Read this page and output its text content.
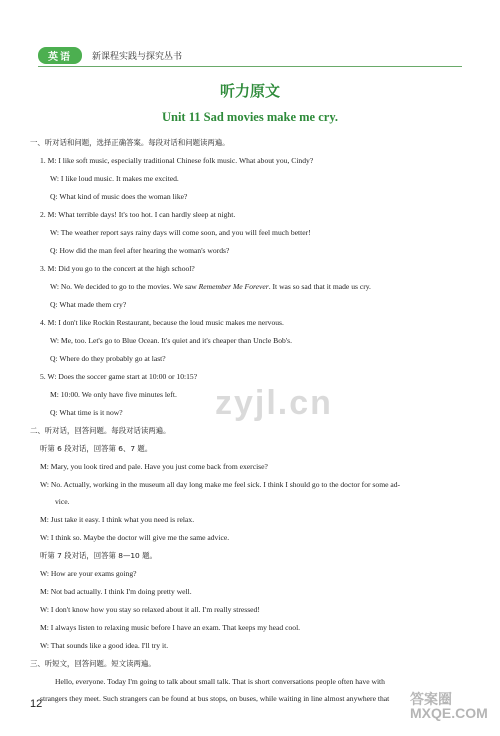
英语	新课程实践与探究丛书
听力原文
Unit 11 Sad movies make me cry.
一、听对话和问题，选择正确答案。每段对话和问题读两遍。
1. M: I like soft music, especially traditional Chinese folk music. What about you, Cindy?
W: I like loud music. It makes me excited.
Q: What kind of music does the woman like?
2. M: What terrible days! It's too hot. I can hardly sleep at night.
W: The weather report says rainy days will come soon, and you will feel much better!
Q: How did the man feel after hearing the woman's words?
3. M: Did you go to the concert at the high school?
W: No. We decided to go to the movies. We saw Remember Me Forever. It was so sad that it made us cry.
Q: What made them cry?
4. M: I don't like Rockin Restaurant, because the loud music makes me nervous.
W: Me, too. Let's go to Blue Ocean. It's quiet and it's cheaper than Uncle Bob's.
Q: Where do they probably go at last?
5. W: Does the soccer game start at 10:00 or 10:15?
M: 10:00. We only have five minutes left.
Q: What time is it now?
二、听对话，回答问题。每段对话读两遍。
听第 6 段对话，回答第 6、7 题。
M: Mary, you look tired and pale. Have you just come back from exercise?
W: No. Actually, working in the museum all day long make me feel sick. I think I should go to the doctor for some ad-
vice.
M: Just take it easy. I think what you need is relax.
W: I think so. Maybe the doctor will give me the same advice.
听第 7 段对话，回答第 8—10 题。
W: How are your exams going?
M: Not bad actually. I think I'm doing pretty well.
W: I don't know how you stay so relaxed about it all. I'm really stressed!
M: I always listen to relaxing music before I have an exam. That keeps my head cool.
W: That sounds like a good idea. I'll try it.
三、听短文，回答问题。短文读两遍。
Hello, everyone. Today I'm going to talk about small talk. That is short conversations people often have with
strangers they meet. Such strangers can be found at bus stops, on buses, while waiting in line almost anywhere that
zyjl.cn
答案圈 MXQE.COM
12
